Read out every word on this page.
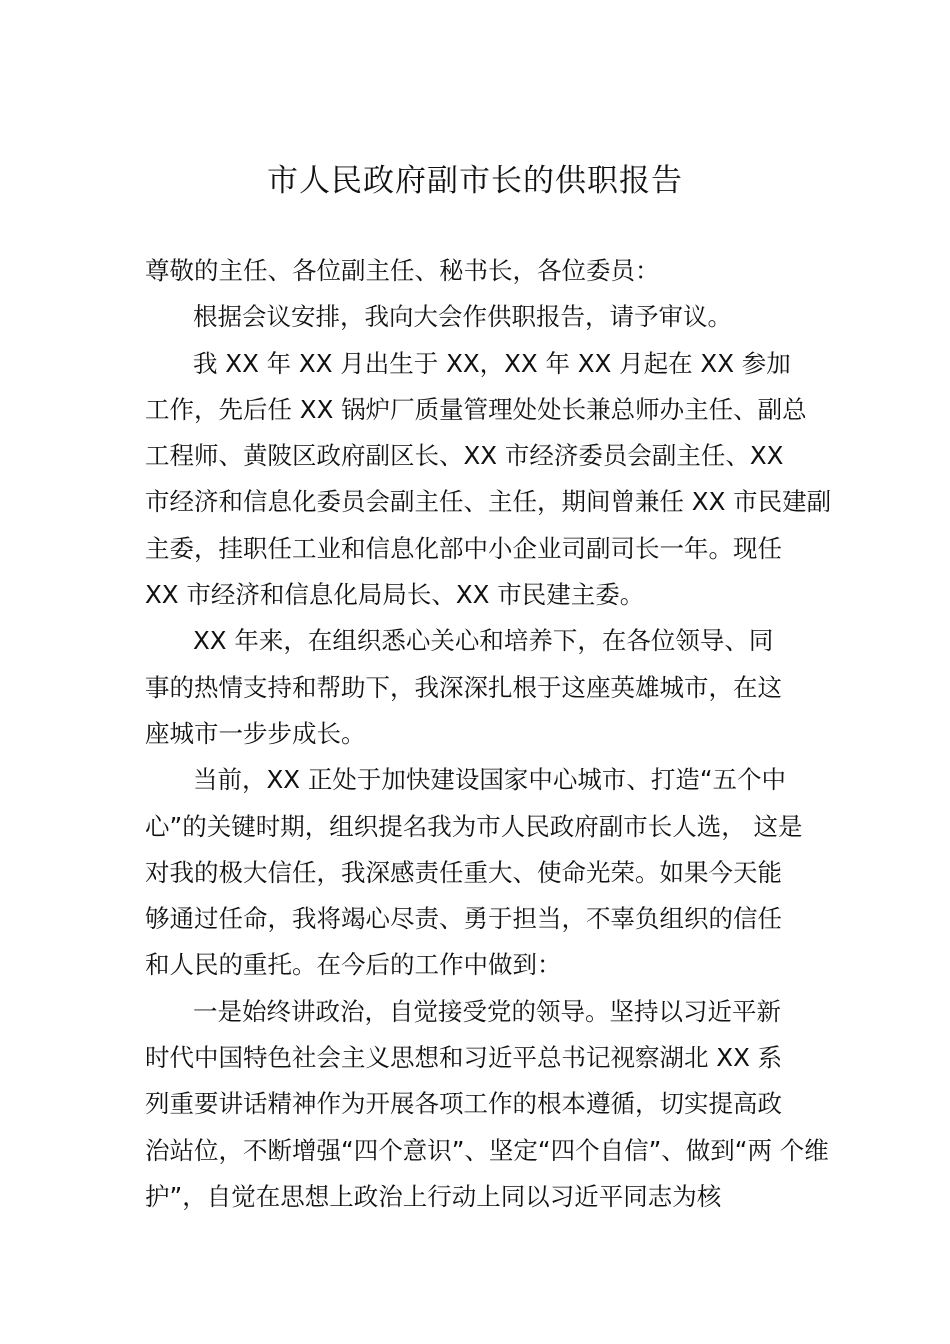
市人民政府副市长的供职报告
尊敬的主任、各位副主任、秘书长，各位委员：
根据会议安排，我向大会作供职报告，请予审议。
我 XX 年 XX 月出生于 XX，XX 年 XX 月起在 XX 参加
工作，先后任 XX 锅炉厂质量管理处处长兼总师办主任、副总
工程师、黄陂区政府副区长、XX 市经济委员会副主任、XX
市经济和信息化委员会副主任、主任，期间曾兼任 XX 市民建副
主委，挂职任工业和信息化部中小企业司副司长一年。现任
XX 市经济和信息化局局长、XX 市民建主委。
XX 年来，在组织悉心关心和培养下，在各位领导、同
事的热情支持和帮助下，我深深扎根于这座英雄城市，在这
座城市一步步成长。
当前，XX 正处于加快建设国家中心城市、打造“五个中
心”的关键时期，组织提名我为市人民政府副市长人选， 这是
对我的极大信任，我深感责任重大、使命光荣。如果今天能
够通过任命，我将竭心尽责、勇于担当，不辜负组织的信任
和人民的重托。在今后的工作中做到：
一是始终讲政治，自觉接受党的领导。坚持以习近平新
时代中国特色社会主义思想和习近平总书记视察湖北 XX 系
列重要讲话精神作为开展各项工作的根本遵循，切实提高政
治站位，不断增强“四个意识”、坚定“四个自信”、做到“两 个维
护”，自觉在思想上政治上行动上同以习近平同志为核
